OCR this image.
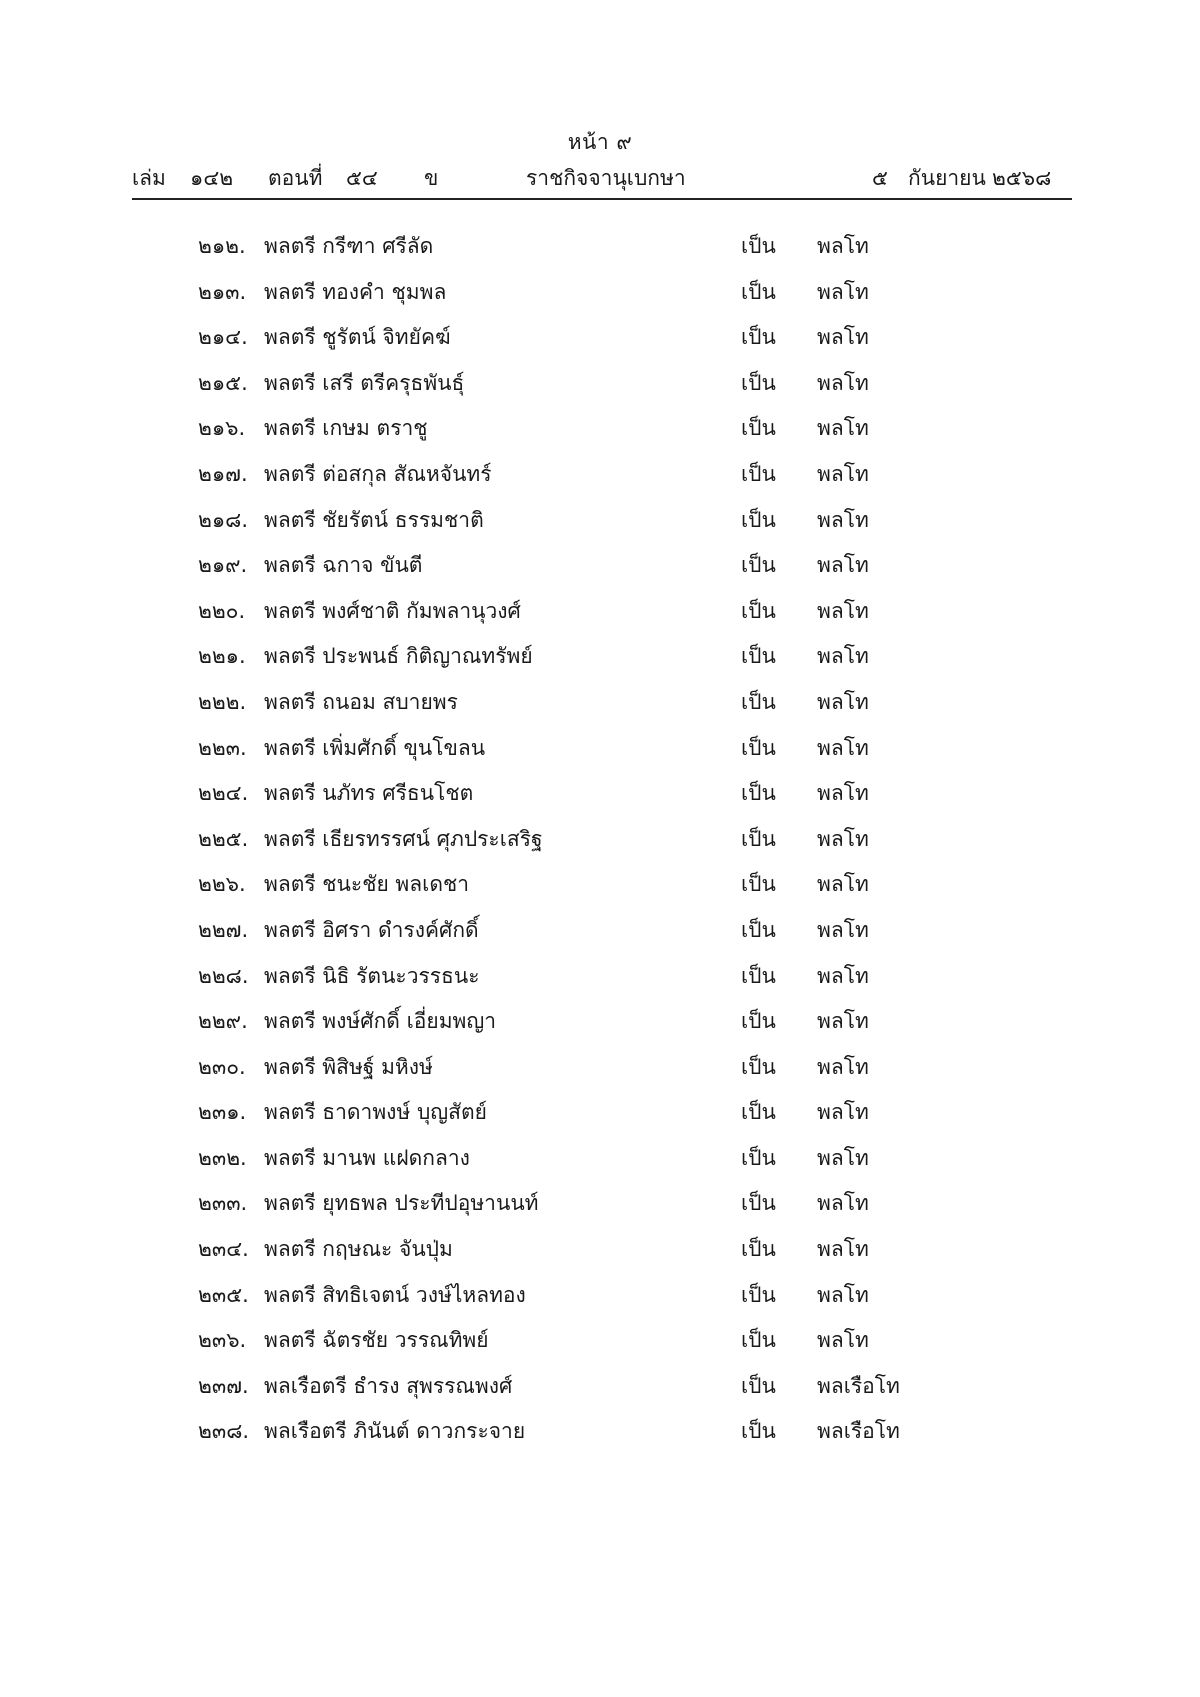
หน้า ๙
เล่ม ๑๔๒ ตอนที่ ๕๔ ข	ราชกิจจานุเบกษา	๕ กันยายน ๒๕๖๘
๒๑๒. พลตรี กรีฑา ศรีลัด	เป็น พลโท
๒๑๓. พลตรี ทองคำ ชุมพล	เป็น พลโท
๒๑๔. พลตรี ชูรัตน์ จิทยัคฆ์	เป็น พลโท
๒๑๕. พลตรี เสรี ตรีครุธพันธุ์	เป็น พลโท
๒๑๖. พลตรี เกษม ตราชู	เป็น พลโท
๒๑๗. พลตรี ต่อสกุล สัณหจันทร์	เป็น พลโท
๒๑๘. พลตรี ชัยรัตน์ ธรรมชาติ	เป็น พลโท
๒๑๙. พลตรี ฉกาจ ขันตี	เป็น พลโท
๒๒๐. พลตรี พงศ์ชาติ กัมพลานุวงศ์	เป็น พลโท
๒๒๑. พลตรี ประพนธ์ กิติญาณทรัพย์	เป็น พลโท
๒๒๒. พลตรี ถนอม สบายพร	เป็น พลโท
๒๒๓. พลตรี เพิ่มศักดิ์ ขุนโขลน	เป็น พลโท
๒๒๔. พลตรี นภัทร ศรีธนโชต	เป็น พลโท
๒๒๕. พลตรี เธียรทรรศน์ ศุภประเสริฐ	เป็น พลโท
๒๒๖. พลตรี ชนะชัย พลเดชา	เป็น พลโท
๒๒๗. พลตรี อิศรา ดำรงค์ศักดิ์	เป็น พลโท
๒๒๘. พลตรี นิธิ รัตนะวรรธนะ	เป็น พลโท
๒๒๙. พลตรี พงษ์ศักดิ์ เอี่ยมพญา	เป็น พลโท
๒๓๐. พลตรี พิสิษฐ์ มหิงษ์	เป็น พลโท
๒๓๑. พลตรี ธาดาพงษ์ บุญสัตย์	เป็น พลโท
๒๓๒. พลตรี มานพ แฝดกลาง	เป็น พลโท
๒๓๓. พลตรี ยุทธพล ประทีปอุษานนท์	เป็น พลโท
๒๓๔. พลตรี กฤษณะ จันปุ่ม	เป็น พลโท
๒๓๕. พลตรี สิทธิเจตน์ วงษ์ไหลทอง	เป็น พลโท
๒๓๖. พลตรี ฉัตรชัย วรรณทิพย์	เป็น พลโท
๒๓๗. พลเรือตรี ธำรง สุพรรณพงศ์	เป็น พลเรือโท
๒๓๘. พลเรือตรี ภินันต์ ดาวกระจาย	เป็น พลเรือโท
